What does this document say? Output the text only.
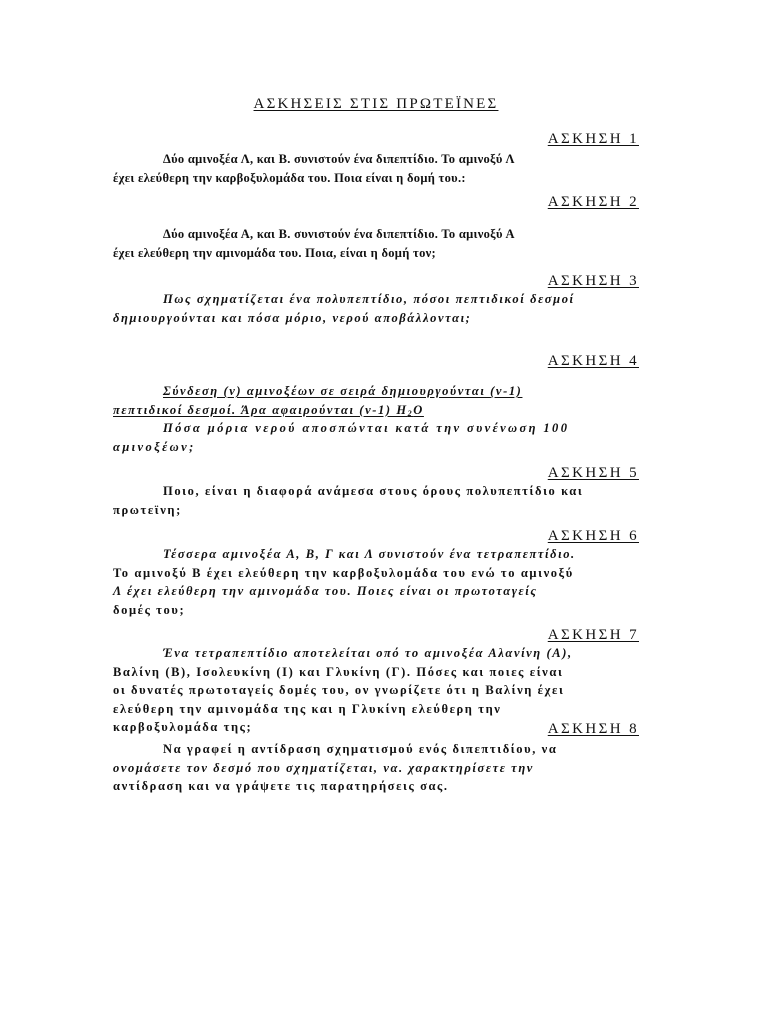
ΑΣΚΗΣΕΙΣ ΣΤΙΣ ΠΡΩΤΕΪΝΕΣ
ΑΣΚΗΣΗ 1
Δύο αμινοξέα Λ, και Β. συνιστούν ένα διπεπτίδιο. Το αμινοξύ Λ
έχει ελεύθερη την καρβοξυλομάδα του. Ποια είναι η δομή του.:
ΑΣΚΗΣΗ 2
Δύο αμινοξέα Α, και Β. συνιστούν ένα διπεπτίδιο. Το αμινοξύ Α
έχει ελεύθερη την αμινομάδα του. Ποια, είναι η δομή τον;
ΑΣΚΗΣΗ 3
Πως σχηματίζεται ένα πολυπεπτίδιο, πόσοι πεπτιδικοί δεσμοί
δημιουργούνται και πόσα μόριο, νερού αποβάλλονται;
ΑΣΚΗΣΗ 4
Σύνδεση (ν) αμινοξέων σε σειρά δημιουργούνται (ν-1)
πεπτιδικοί δεσμοί. Άρα αφαιρούνται (ν-1) $H_2O$
Πόσα μόρια νερού αποσπώνται κατά την συνένωση 100
αμινοξέων;
ΑΣΚΗΣΗ 5
Ποιο, είναι η διαφορά ανάμεσα στους όρους πολυπεπτίδιο και
πρωτεϊνη;
ΑΣΚΗΣΗ 6
Τέσσερα αμινοξέα Α, Β, Γ και Λ συνιστούν ένα τετραπεπτίδιο.
Το αμινοξύ Β έχει ελεύθερη την καρβοξυλομάδα του ενώ το αμινοξύ
Λ έχει ελεύθερη την αμινομάδα του. Ποιες είναι οι πρωτοταγείς
δομές του;
ΑΣΚΗΣΗ 7
Ένα τετραπεπτίδιο αποτελείται οπό το αμινοξέα Αλανίνη (Α),
Βαλίνη (Β), Ισολευκίνη (Ι) και Γλυκίνη (Γ). Πόσες και ποιες είναι
οι δυνατές πρωτοταγείς δομές του, ον γνωρίζετε ότι η Βαλίνη έχει
ελεύθερη την αμινομάδα της και η Γλυκίνη ελεύθερη την
καρβοξυλομάδα της;	ΑΣΚΗΣΗ 8
Να γραφεί η αντίδραση σχηματισμού ενός διπεπτιδίου, να
ονομάσετε τον δεσμό που σχηματίζεται, να. χαρακτηρίσετε την
αντίδραση και να γράψετε τις παρατηρήσεις σας.
